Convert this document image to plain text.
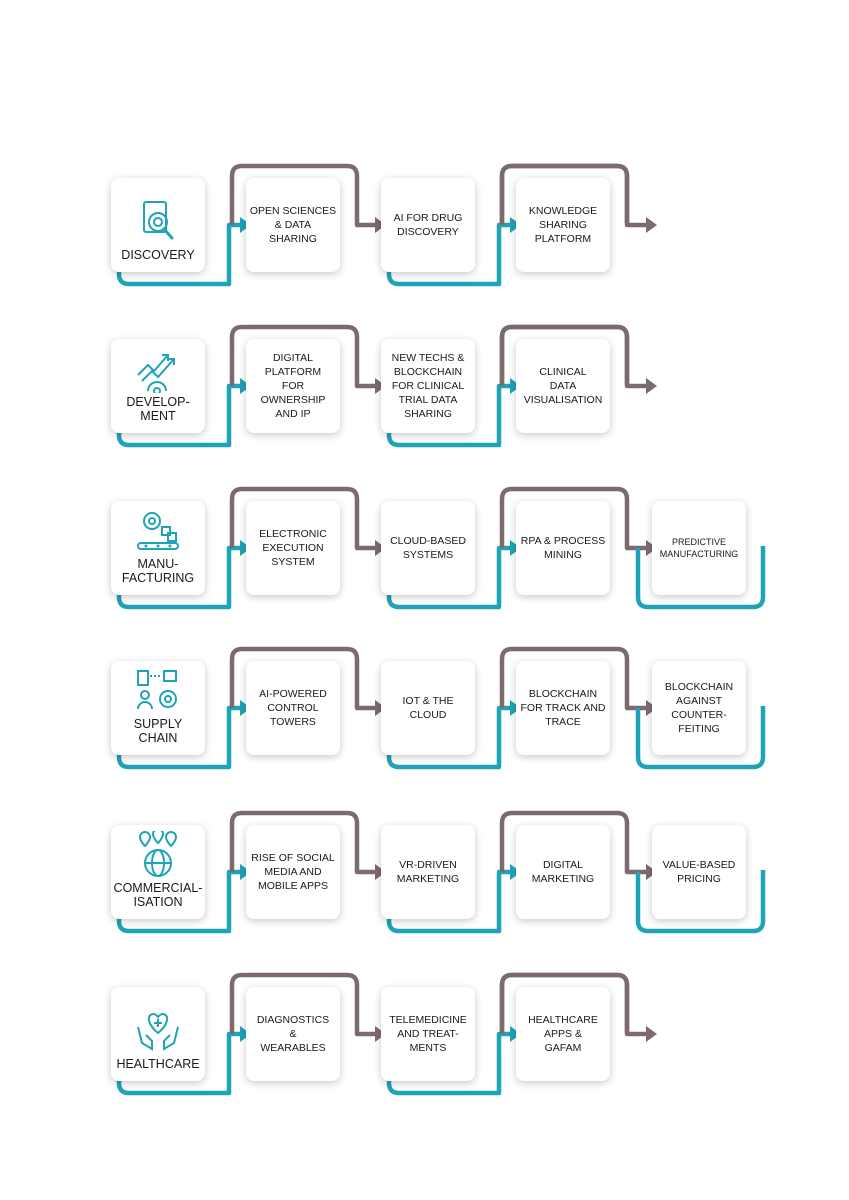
DISCOVERY
OPEN SCIENCES
& DATA
SHARING
AI FOR DRUG
DISCOVERY
KNOWLEDGE
SHARING
PLATFORM
DEVELOP-
MENT
DIGITAL
PLATFORM
FOR
OWNERSHIP
AND IP
NEW TECHS &
BLOCKCHAIN
FOR CLINICAL
TRIAL DATA
SHARING
CLINICAL
DATA
VISUALISATION
MANU-
FACTURING
ELECTRONIC
EXECUTION
SYSTEM
CLOUD-BASED
SYSTEMS
RPA & PROCESS
MINING
PREDICTIVE
MANUFACTURING
SUPPLY
CHAIN
AI-POWERED
CONTROL
TOWERS
IOT & THE
CLOUD
BLOCKCHAIN
FOR TRACK AND
TRACE
BLOCKCHAIN
AGAINST
COUNTER-
FEITING
COMMERCIAL-
ISATION
RISE OF SOCIAL
MEDIA AND
MOBILE APPS
VR-DRIVEN
MARKETING
DIGITAL
MARKETING
VALUE-BASED
PRICING
HEALTHCARE
DIAGNOSTICS
&
WEARABLES
TELEMEDICINE
AND TREAT-
MENTS
HEALTHCARE
APPS &
GAFAM
